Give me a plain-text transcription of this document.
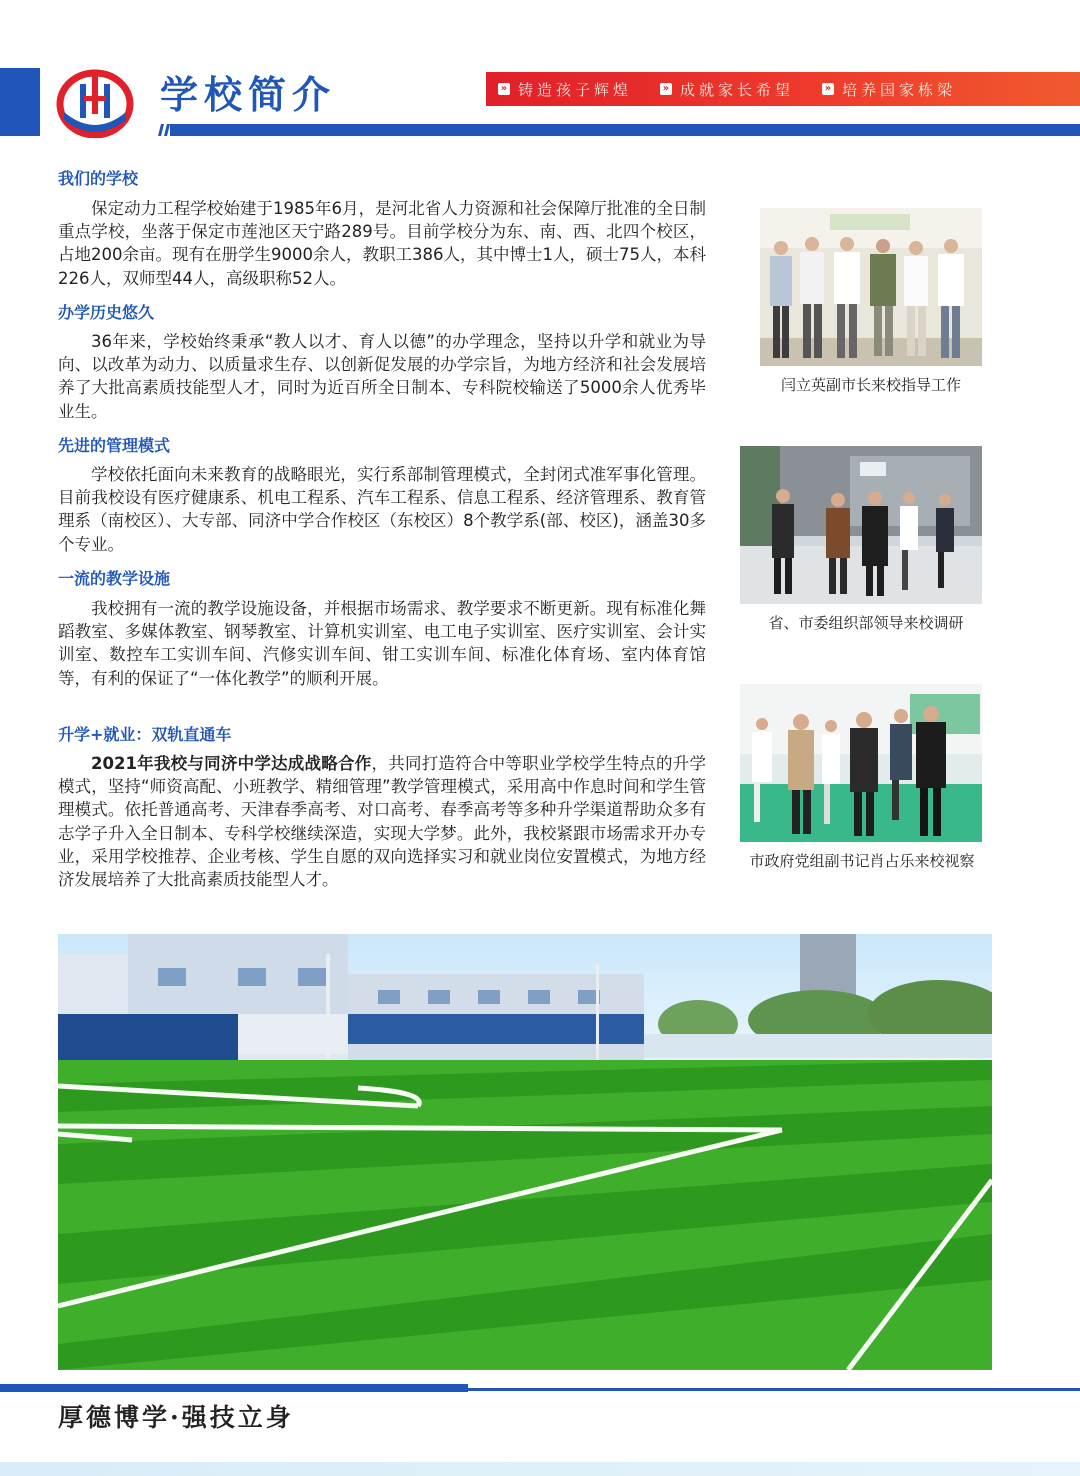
学校简介	» 铸造孩子辉煌	» 成就家长希望	» 培养国家栋梁
我们的学校

保定动力工程学校始建于1985年6月，是河北省人力资源和社会保障厅批准的全日制重点学校，坐落于保定市莲池区天宁路289号。目前学校分为东、南、西、北四个校区，占地200余亩。现有在册学生9000余人，教职工386人，其中博士1人，硕士75人，本科226人，双师型44人，高级职称52人。

办学历史悠久

36年来，学校始终秉承“教人以才、育人以德”的办学理念，坚持以升学和就业为导向、以改革为动力、以质量求生存、以创新促发展的办学宗旨，为地方经济和社会发展培养了大批高素质技能型人才，同时为近百所全日制本、专科院校输送了5000余人优秀毕业生。

先进的管理模式

学校依托面向未来教育的战略眼光，实行系部制管理模式，全封闭式准军事化管理。目前我校设有医疗健康系、机电工程系、汽车工程系、信息工程系、经济管理系、教育管理系（南校区）、大专部、同济中学合作校区（东校区）8个教学系(部、校区)，涵盖30多个专业。

一流的教学设施

我校拥有一流的教学设施设备，并根据市场需求、教学要求不断更新。现有标准化舞蹈教室、多媒体教室、钢琴教室、计算机实训室、电工电子实训室、医疗实训室、会计实训室、数控车工实训车间、汽修实训车间、钳工实训车间、标准化体育场、室内体育馆等，有利的保证了“一体化教学”的顺利开展。

升学+就业：双轨直通车

2021年我校与同济中学达成战略合作，共同打造符合中等职业学校学生特点的升学模式，坚持“师资高配、小班教学、精细管理”教学管理模式，采用高中作息时间和学生管理模式。依托普通高考、天津春季高考、对口高考、春季高考等多种升学渠道帮助众多有志学子升入全日制本、专科学校继续深造，实现大学梦。此外，我校紧跟市场需求开办专业，采用学校推荐、企业考核、学生自愿的双向选择实习和就业岗位安置模式，为地方经济发展培养了大批高素质技能型人才。

闫立英副市长来校指导工作
省、市委组织部领导来校调研
市政府党组副书记肖占乐来校视察
厚德博学·强技立身
